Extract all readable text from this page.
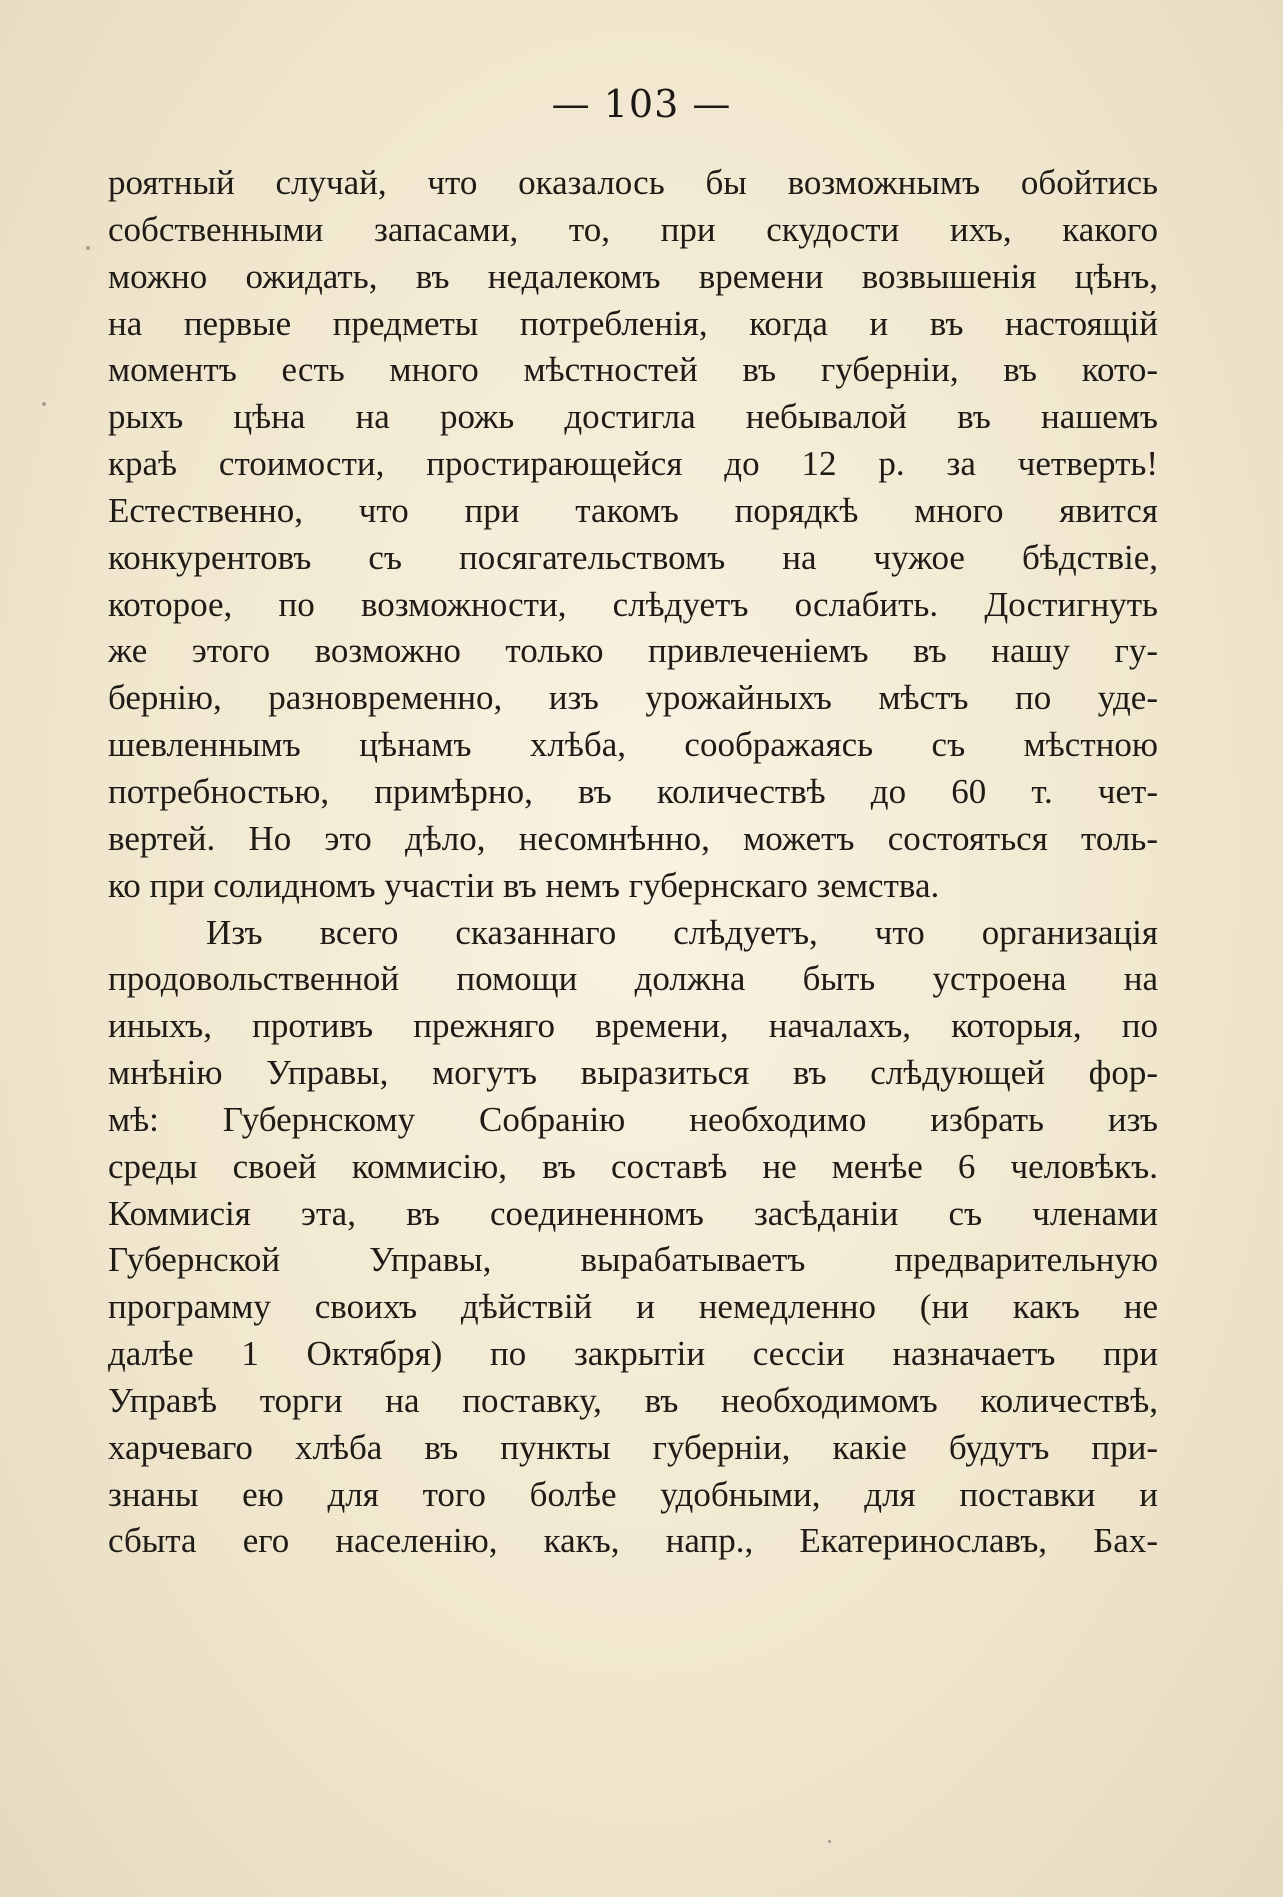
— 103 —
роятный случай, что оказалось бы возможнымъ обойтись
собственными запасами, то, при скудости ихъ, какого
можно ожидать, въ недалекомъ времени возвышенія цѣнъ,
на первые предметы потребленія, когда и въ настоящій
моментъ есть много мѣстностей въ губерніи, въ кото-
рыхъ цѣна на рожь достигла небывалой въ нашемъ
краѣ стоимости, простирающейся до 12 р. за четверть!
Естественно, что при такомъ порядкѣ много явится
конкурентовъ съ посягательствомъ на чужое бѣдствіе,
которое, по возможности, слѣдуетъ ослабить. Достигнуть
же этого возможно только привлеченіемъ въ нашу гу-
бернію, разновременно, изъ урожайныхъ мѣстъ по уде-
шевленнымъ цѣнамъ хлѣба, соображаясь съ мѣстною
потребностью, примѣрно, въ количествѣ до 60 т. чет-
вертей. Но это дѣло, несомнѣнно, можетъ состояться толь-
ко при солидномъ участіи въ немъ губернскаго земства.
Изъ всего сказаннаго слѣдуетъ, что организація
продовольственной помощи должна быть устроена на
иныхъ, противъ прежняго времени, началахъ, которыя, по
мнѣнію Управы, могутъ выразиться въ слѣдующей фор-
мѣ: Губернскому Собранію необходимо избрать изъ
среды своей коммисію, въ составѣ не менѣе 6 человѣкъ.
Коммисія эта, въ соединенномъ засѣданіи съ членами
Губернской Управы, вырабатываетъ предварительную
программу своихъ дѣйствій и немедленно (ни какъ не
далѣе 1 Октября) по закрытіи сессіи назначаетъ при
Управѣ торги на поставку, въ необходимомъ количествѣ,
харчеваго хлѣба въ пункты губерніи, какіе будутъ при-
знаны ею для того болѣе удобными, для поставки и
сбыта его населенію, какъ, напр., Екатеринославъ, Бах-
